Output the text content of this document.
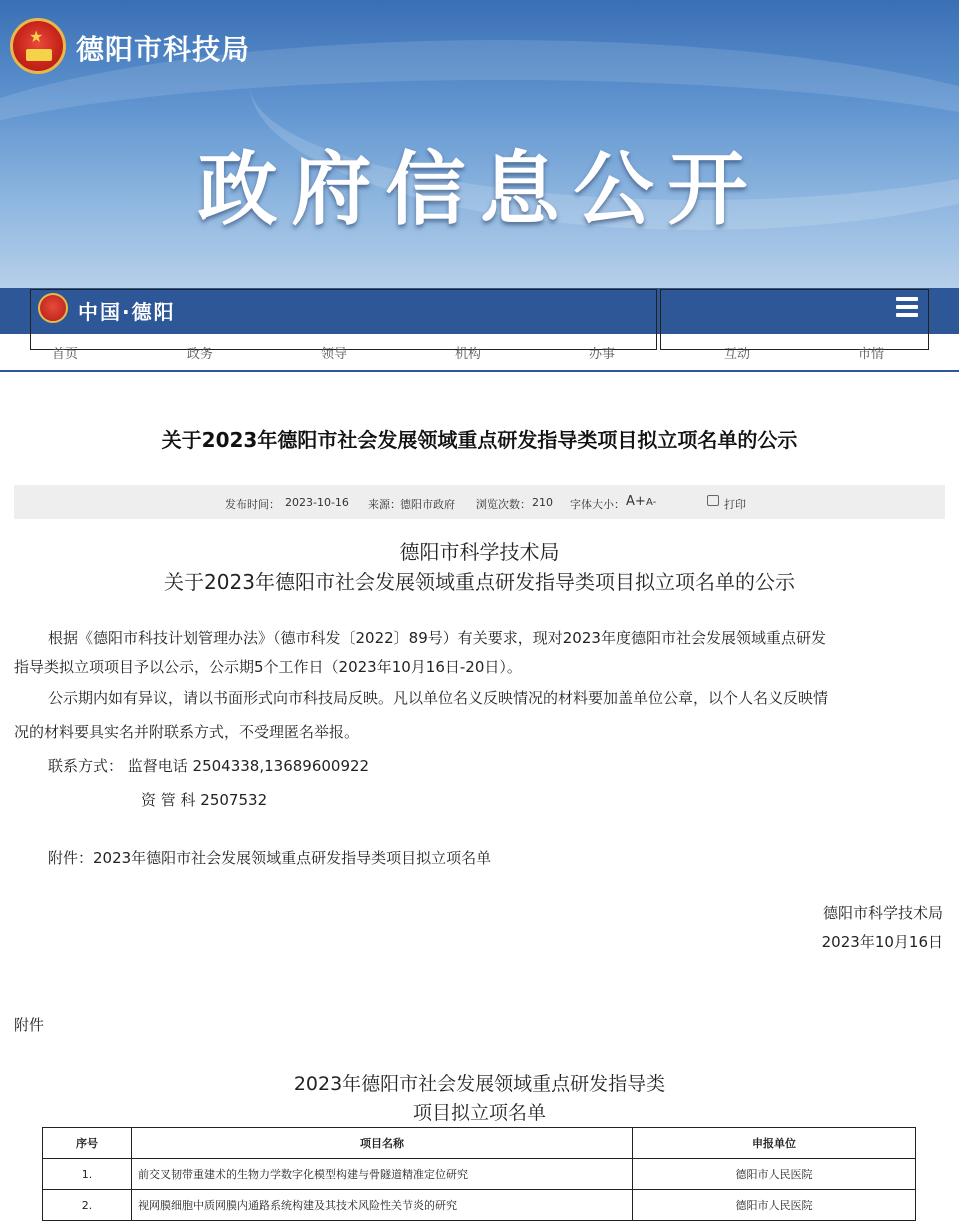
★ 德阳市科技局
政府信息公开
中国·德阳
首页	政务	领导	机构	办事	互动	市情
关于2023年德阳市社会发展领域重点研发指导类项目拟立项名单的公示
发布时间： 2023-10-16 来源： 德阳市政府 浏览次数： 210 字体大小： A+ A-	打印
德阳市科学技术局
关于2023年德阳市社会发展领域重点研发指导类项目拟立项名单的公示
根据《德阳市科技计划管理办法》（德市科发〔2022〕89号）有关要求，现对2023年度德阳市社会发展领域重点研发
指导类拟立项项目予以公示，公示期5个工作日（2023年10月16日-20日）。
公示期内如有异议，请以书面形式向市科技局反映。凡以单位名义反映情况的材料要加盖单位公章，以个人名义反映情
况的材料要具实名并附联系方式，不受理匿名举报。
联系方式： 监督电话 2504338,13689600922
资 管 科 2507532
附件：2023年德阳市社会发展领域重点研发指导类项目拟立项名单
德阳市科学技术局
2023年10月16日
附件
2023年德阳市社会发展领域重点研发指导类
项目拟立项名单
序号	项目名称	申报单位
1.	前交叉韧带重建术的生物力学数字化模型构建与骨隧道精准定位研究	德阳市人民医院
2.	视网膜细胞中质网膜内通路系统构建及其技术风险性关节炎的研究	德阳市人民医院
